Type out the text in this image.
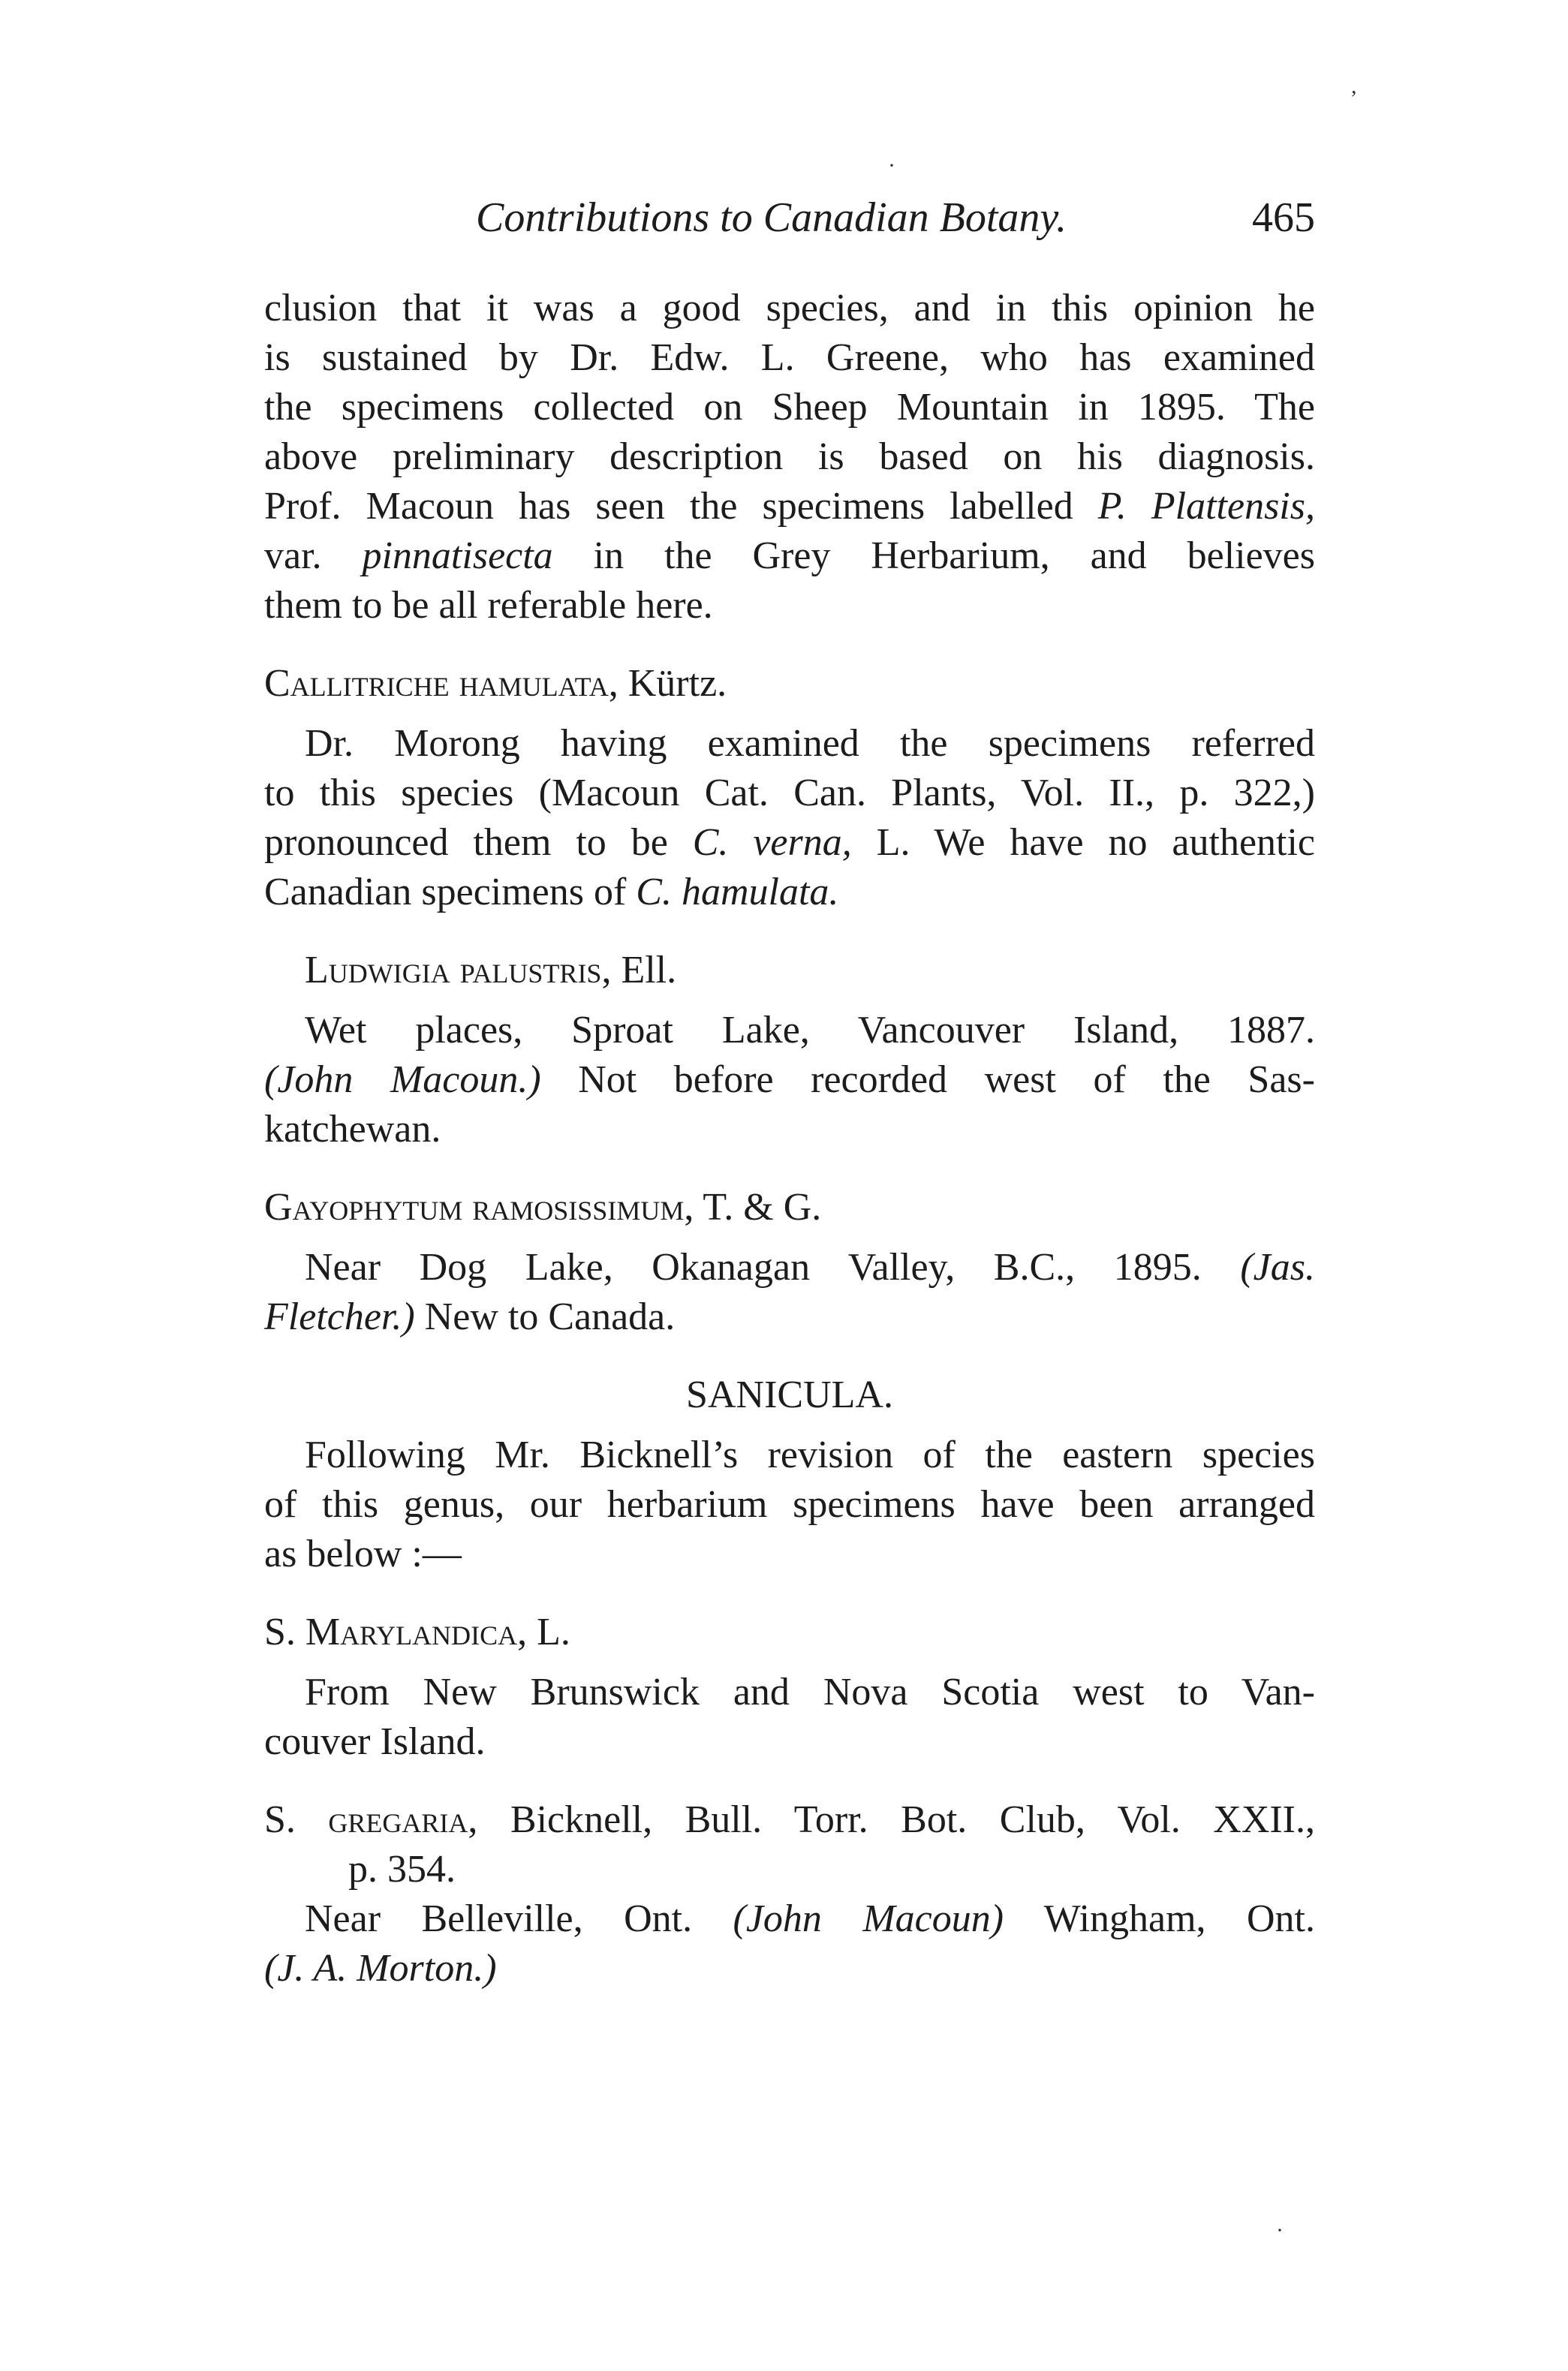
,
·
·
Contributions to Canadian Botany.	465

clusion that it was a good species, and in this opinion he

is sustained by Dr. Edw. L. Greene, who has examined

the specimens collected on Sheep Mountain in 1895. The

above preliminary description is based on his diagnosis.

Prof. Macoun has seen the specimens labelled P. Plattensis,

var. pinnatisecta in the Grey Herbarium, and believes

them to be all referable here.

Callitriche hamulata, Kürtz.

Dr. Morong having examined the specimens referred

to this species (Macoun Cat. Can. Plants, Vol. II., p. 322,)

pronounced them to be C. verna, L. We have no authentic

Canadian specimens of C. hamulata.

Ludwigia palustris, Ell.

Wet places, Sproat Lake, Vancouver Island, 1887.

(John Macoun.) Not before recorded west of the Sas-

katchewan.

Gayophytum ramosissimum, T. & G.

Near Dog Lake, Okanagan Valley, B.C., 1895. (Jas.

Fletcher.) New to Canada.

SANICULA.

Following Mr. Bicknell’s revision of the eastern species

of this genus, our herbarium specimens have been arranged

as below :—

S. Marylandica, L.

From New Brunswick and Nova Scotia west to Van-

couver Island.

S. gregaria, Bicknell, Bull. Torr. Bot. Club, Vol. XXII.,

p. 354.

Near Belleville, Ont. (John Macoun) Wingham, Ont.

(J. A. Morton.)
